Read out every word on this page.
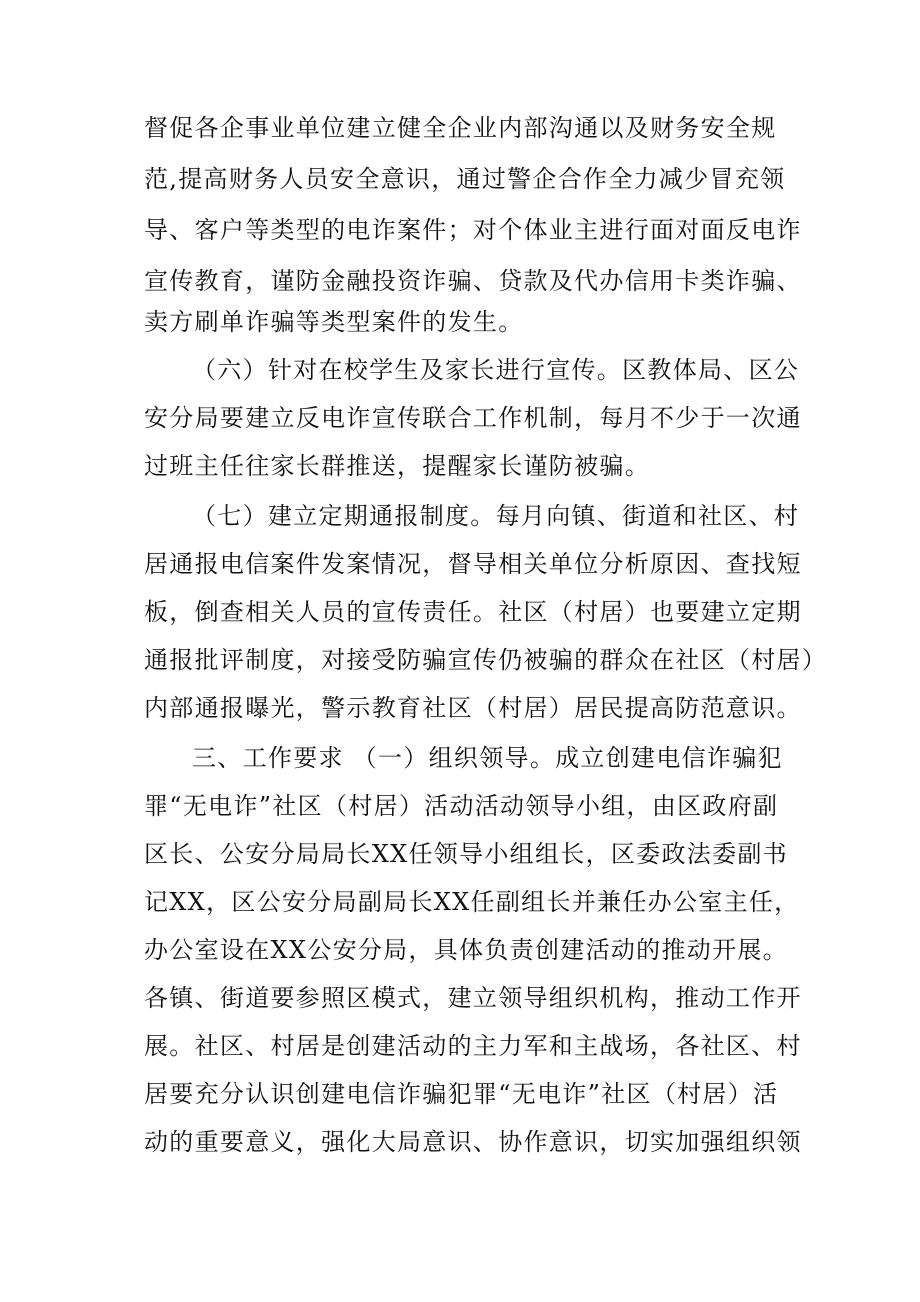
督促各企事业单位建立健全企业内部沟通以及财务安全规
范,提高财务人员安全意识，通过警企合作全力减少冒充领
导、客户等类型的电诈案件；对个体业主进行面对面反电诈
宣传教育，谨防金融投资诈骗、贷款及代办信用卡类诈骗、
卖方刷单诈骗等类型案件的发生。
（六）针对在校学生及家长进行宣传。区教体局、区公
安分局要建立反电诈宣传联合工作机制，每月不少于一次通
过班主任往家长群推送，提醒家长谨防被骗。
（七）建立定期通报制度。每月向镇、街道和社区、村
居通报电信案件发案情况，督导相关单位分析原因、查找短
板，倒查相关人员的宣传责任。社区（村居）也要建立定期
通报批评制度，对接受防骗宣传仍被骗的群众在社区（村居）
内部通报曝光，警示教育社区（村居）居民提高防范意识。
三、工作要求 （一）组织领导。成立创建电信诈骗犯
罪“无电诈”社区（村居）活动活动领导小组，由区政府副
区长、公安分局局长XX任领导小组组长，区委政法委副书
记XX，区公安分局副局长XX任副组长并兼任办公室主任，
办公室设在XX公安分局，具体负责创建活动的推动开展。
各镇、街道要参照区模式，建立领导组织机构，推动工作开
展。社区、村居是创建活动的主力军和主战场，各社区、村
居要充分认识创建电信诈骗犯罪“无电诈”社区（村居）活
动的重要意义，强化大局意识、协作意识，切实加强组织领
